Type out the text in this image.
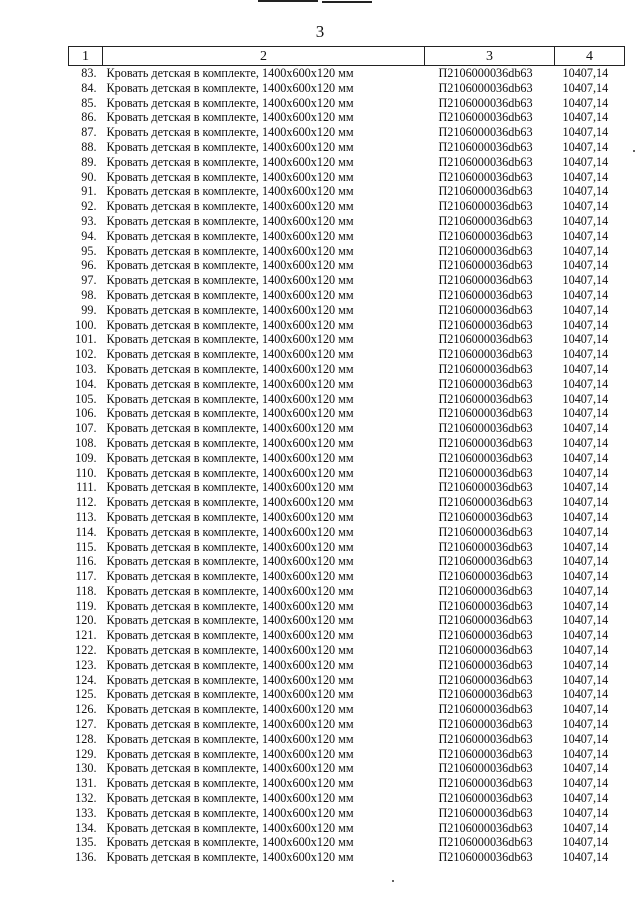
3
1	2	3	4
83.	Кровать детская в комплекте, 1400х600х120 мм	П2106000036db63	10407,14
84.	Кровать детская в комплекте, 1400х600х120 мм	П2106000036db63	10407,14
85.	Кровать детская в комплекте, 1400х600х120 мм	П2106000036db63	10407,14
86.	Кровать детская в комплекте, 1400х600х120 мм	П2106000036db63	10407,14
87.	Кровать детская в комплекте, 1400х600х120 мм	П2106000036db63	10407,14
88.	Кровать детская в комплекте, 1400х600х120 мм	П2106000036db63	10407,14
89.	Кровать детская в комплекте, 1400х600х120 мм	П2106000036db63	10407,14
90.	Кровать детская в комплекте, 1400х600х120 мм	П2106000036db63	10407,14
91.	Кровать детская в комплекте, 1400х600х120 мм	П2106000036db63	10407,14
92.	Кровать детская в комплекте, 1400х600х120 мм	П2106000036db63	10407,14
93.	Кровать детская в комплекте, 1400х600х120 мм	П2106000036db63	10407,14
94.	Кровать детская в комплекте, 1400х600х120 мм	П2106000036db63	10407,14
95.	Кровать детская в комплекте, 1400х600х120 мм	П2106000036db63	10407,14
96.	Кровать детская в комплекте, 1400х600х120 мм	П2106000036db63	10407,14
97.	Кровать детская в комплекте, 1400х600х120 мм	П2106000036db63	10407,14
98.	Кровать детская в комплекте, 1400х600х120 мм	П2106000036db63	10407,14
99.	Кровать детская в комплекте, 1400х600х120 мм	П2106000036db63	10407,14
100.	Кровать детская в комплекте, 1400х600х120 мм	П2106000036db63	10407,14
101.	Кровать детская в комплекте, 1400х600х120 мм	П2106000036db63	10407,14
102.	Кровать детская в комплекте, 1400х600х120 мм	П2106000036db63	10407,14
103.	Кровать детская в комплекте, 1400х600х120 мм	П2106000036db63	10407,14
104.	Кровать детская в комплекте, 1400х600х120 мм	П2106000036db63	10407,14
105.	Кровать детская в комплекте, 1400х600х120 мм	П2106000036db63	10407,14
106.	Кровать детская в комплекте, 1400х600х120 мм	П2106000036db63	10407,14
107.	Кровать детская в комплекте, 1400х600х120 мм	П2106000036db63	10407,14
108.	Кровать детская в комплекте, 1400х600х120 мм	П2106000036db63	10407,14
109.	Кровать детская в комплекте, 1400х600х120 мм	П2106000036db63	10407,14
110.	Кровать детская в комплекте, 1400х600х120 мм	П2106000036db63	10407,14
111.	Кровать детская в комплекте, 1400х600х120 мм	П2106000036db63	10407,14
112.	Кровать детская в комплекте, 1400х600х120 мм	П2106000036db63	10407,14
113.	Кровать детская в комплекте, 1400х600х120 мм	П2106000036db63	10407,14
114.	Кровать детская в комплекте, 1400х600х120 мм	П2106000036db63	10407,14
115.	Кровать детская в комплекте, 1400х600х120 мм	П2106000036db63	10407,14
116.	Кровать детская в комплекте, 1400х600х120 мм	П2106000036db63	10407,14
117.	Кровать детская в комплекте, 1400х600х120 мм	П2106000036db63	10407,14
118.	Кровать детская в комплекте, 1400х600х120 мм	П2106000036db63	10407,14
119.	Кровать детская в комплекте, 1400х600х120 мм	П2106000036db63	10407,14
120.	Кровать детская в комплекте, 1400х600х120 мм	П2106000036db63	10407,14
121.	Кровать детская в комплекте, 1400х600х120 мм	П2106000036db63	10407,14
122.	Кровать детская в комплекте, 1400х600х120 мм	П2106000036db63	10407,14
123.	Кровать детская в комплекте, 1400х600х120 мм	П2106000036db63	10407,14
124.	Кровать детская в комплекте, 1400х600х120 мм	П2106000036db63	10407,14
125.	Кровать детская в комплекте, 1400х600х120 мм	П2106000036db63	10407,14
126.	Кровать детская в комплекте, 1400х600х120 мм	П2106000036db63	10407,14
127.	Кровать детская в комплекте, 1400х600х120 мм	П2106000036db63	10407,14
128.	Кровать детская в комплекте, 1400х600х120 мм	П2106000036db63	10407,14
129.	Кровать детская в комплекте, 1400х600х120 мм	П2106000036db63	10407,14
130.	Кровать детская в комплекте, 1400х600х120 мм	П2106000036db63	10407,14
131.	Кровать детская в комплекте, 1400х600х120 мм	П2106000036db63	10407,14
132.	Кровать детская в комплекте, 1400х600х120 мм	П2106000036db63	10407,14
133.	Кровать детская в комплекте, 1400х600х120 мм	П2106000036db63	10407,14
134.	Кровать детская в комплекте, 1400х600х120 мм	П2106000036db63	10407,14
135.	Кровать детская в комплекте, 1400х600х120 мм	П2106000036db63	10407,14
136.	Кровать детская в комплекте, 1400х600х120 мм	П2106000036db63	10407,14
